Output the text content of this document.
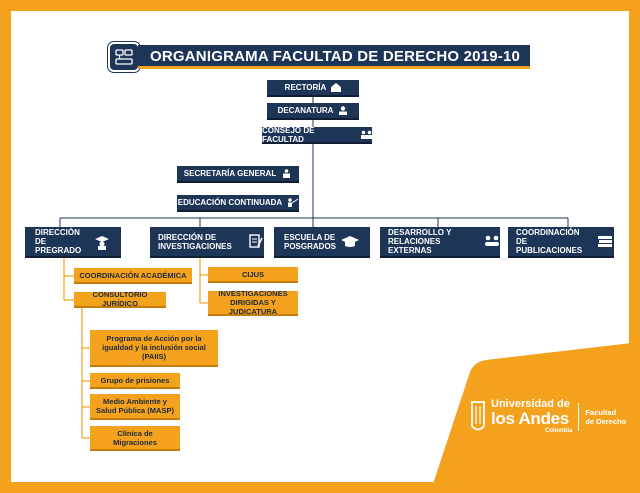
ORGANIGRAMA FACULTAD DE DERECHO 2019-10
RECTORÍA
DECANATURA
CONSEJO DE FACULTAD
SECRETARÍA GENERAL
EDUCACIÓN CONTINUADA
DIRECCIÓN DE PREGRADO
DIRECCIÓN DE INVESTIGACIONES
ESCUELA DE POSGRADOS
DESARROLLO Y RELACIONES EXTERNAS
COORDINACIÓN DE PUBLICACIONES
COORDINACIÓN ACADÉMICA
CONSULTORIO JURÍDICO
Programa de Acción por la igualdad y la inclusión social (PAIIS)
Grupo de prisiones
Medio Ambiente y Salud Pública (MASP)
Clínica de Migraciones
CIJUS
INVESTIGACIONES DIRIGIDAS Y JUDICATURA
Universidad de
los Andes
Colombia
Facultad
de Derecho
